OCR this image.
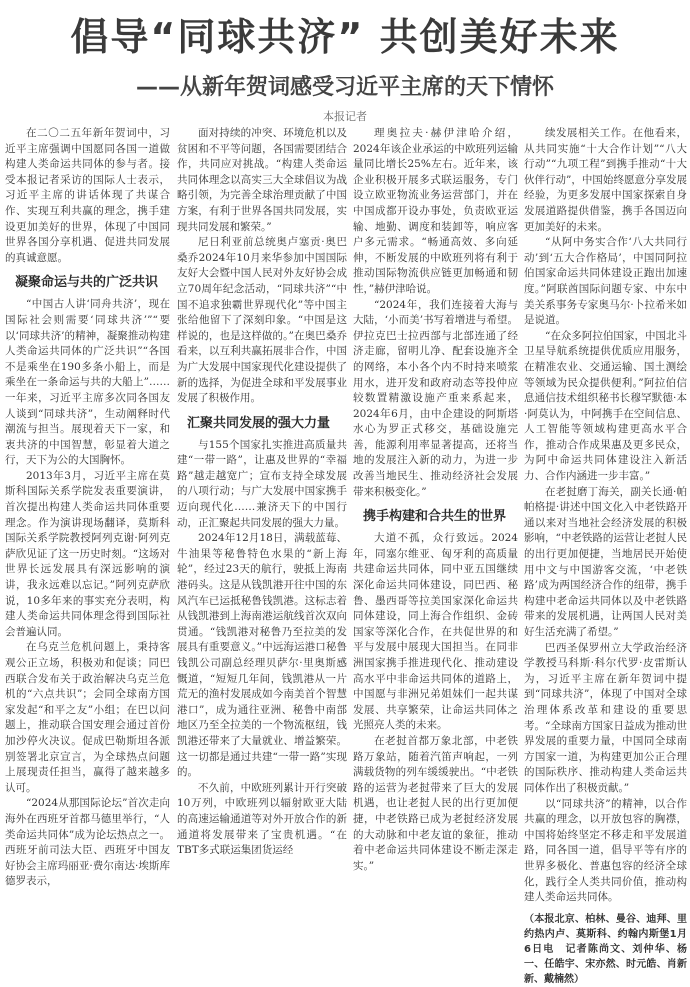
倡导“同球共济” 共创美好未来
——从新年贺词感受习近平主席的天下情怀
本报记者

在二〇二五年新年贺词中，习近平主席强调中国愿同各国一道做构建人类命运共同体的参与者。接受本报记者采访的国际人士表示，习近平主席的讲话体现了共谋合作、实现互利共赢的理念，携手建设更加美好的世界，体现了中国同世界各国分享机遇、促进共同发展的真诚意愿。

凝聚命运与共的广泛共识

“中国古人讲‘同舟共济’，现在国际社会则需要‘同球共济’”“要以‘同球共济’的精神，凝聚推动构建人类命运共同体的广泛共识”“各国不是乘坐在190多条小船上，而是乘坐在一条命运与共的大船上”……一年来，习近平主席多次同各国友人谈到“同球共济”，生动阐释时代潮流与担当。展现着天下一家，和衷共济的中国智慧，彰显着大道之行，天下为公的大国胸怀。

2013年3月，习近平主席在莫斯科国际关系学院发表重要演讲，首次提出构建人类命运共同体重要理念。作为演讲现场翻译，莫斯科国际关系学院教授阿列克谢·阿列克萨欣见证了这一历史时刻。“这场对世界长远发展具有深远影响的演讲，我永远难以忘记。”阿列克萨欣说，10多年来的事实充分表明，构建人类命运共同体理念得到国际社会普遍认同。

在乌克兰危机问题上，秉持客观公正立场，积极劝和促谈；同巴西联合发布关于政治解决乌克兰危机的“六点共识”；会同全球南方国家发起“和平之友”小组；在巴以问题上，推动联合国安理会通过首份加沙停火决议。促成巴勒斯坦各派别签署北京宣言，为全球热点问题上展现责任担当，赢得了越来越多认可。

“2024从那国际论坛”首次走向海外在西班牙首都马德里举行，“人类命运共同体”成为论坛热点之一。西班牙前司法大臣、西班牙中国友好协会主席玛丽亚·费尔南达·埃斯库德罗表示，

面对持续的冲突、环境危机以及贫困和不平等问题，各国需要团结合作，共同应对挑战。“构建人类命运共同体理念以高实三大全球倡议为战略引领，为完善全球治理贡献了中国方案，有利于世界各国共同发展，实现共同发展和繁荣。”

尼日利亚前总统奥卢塞贡·奥巴桑乔2024年10月来华参加中国国际友好大会暨中国人民对外友好协会成立70周年纪念活动，“同球共济”“中国不追求独霸世界现代化”等中国主张给他留下了深刻印象。“中国是这样说的，也是这样做的。”在奥巴桑乔看来，以互利共赢拓展非合作，中国为广大发展中国家现代化建设提供了新的选择，为促进全球和平发展事业发展了积极作用。

汇聚共同发展的强大力量

与155个国家扎实推进高质量共建“一带一路”，让惠及世界的“幸福路”越走越宽广；宣布支持全球发展的八项行动；与广大发展中国家携手迈向现代化……兼济天下的中国行动，正汇聚起共同发展的强大力量。

2024年12月18日，满载蓝莓、牛油果等秘鲁特色水果的“新上海轮”，经过23天的航行，驶抵上海南港码头。这是从钱凯港开往中国的东风汽车已运抵秘鲁钱凯港。这标志着从钱凯港到上海南港运航线首次双向贯通。“钱凯港对秘鲁乃至拉美的发展具有重要意义。”中远海运港口秘鲁钱凯公司副总经理贝萨尔·里奥斯感慨道，“短短几年间，钱凯港从一片荒无的渔村发展成如今南美首个智慧港口”，成为通往亚洲、秘鲁中南部地区乃至全拉美的一个物流枢纽，钱凯港还带来了大量就业、增益繁荣。这一切都是通过共建“一带一路”实现的。

不久前，中欧班列累计开行突破10万列，中欧班列以辐射欧亚大陆的高速运输通道等对外开放合作的新通道将发展带来了宝贵机遇。“在TBT多式联运集团货运经

理奥拉夫·赫伊津哈介绍，2024年该企业承运的中欧班列运输量同比增长25%左右。近年来，该企业积极开展多式联运服务，专门设立欧亚物流业务运营部门，并在中国成都开设办事处，负责欧亚运输、地勤、调度和装卸等，响应客户多元需求。“畅通高效、多向延伸，不断发展的中欧班列将有利于推动国际物流供应链更加畅通和韧性，”赫伊津哈说。

“2024年，我们连接着大海与大陆，‘小而美’书写着增进与希望。伊拉克巴士拉西部与北部连通了经济走廊，留明儿净、配套设施齐全的网络，本小各个内不时持来喷浆用水，进开发和政府动态等投仲应较数置精激设施产重来系起来，2024年6月，由中企建设的阿斯塔水心为罗正式移交，基础设施完善，能源利用率显著提高，还将当地的发展注入新的动力，为进一步改善当地民生、推动经济社会发展带来积极变化。”

携手构建和合共生的世界

大道不孤，众行致远。2024年，同塞尔维亚、匈牙利的高质量共建命运共同体，同中亚五国继续深化命运共同体建设，同巴西、秘鲁、墨西哥等拉美国家深化命运共同体建设，同上海合作组织、金砖国家等深化合作，在共促世界的和平与发展中展现大国担当。在同非洲国家携手推进现代化、推动建设高水平中非命运共同体的道路上，中国愿与非洲兄弟姐妹们一起共谋发展、共享繁荣，让命运共同体之光照亮人类的未来。

在老挝首都万象北部，中老铁路万象站，随着汽笛声响起，一列满载货物的列车缓缓驶出。“中老铁路的运营为老挝带来了巨大的发展机遇，也让老挝人民的出行更加便捷，中老铁路已成为老挝经济发展的大动脉和中老友谊的象征，推动着中老命运共同体建设不断走深走实。”

续发展相关工作。在他看来，从共同实施“十大合作计划”“八大行动”“九项工程”到携手推动“十大伙伴行动”，中国始终愿意分享发展经验，为更多发展中国家探索自身发展道路提供借鉴，携手各国迈向更加美好的未来。

“从阿中务实合作‘八大共同行动’到‘五大合作格局’，中国同阿拉伯国家命运共同体建设正跑出加速度。”阿联酋国际问题专家、中东中美关系事务专家奥马尔·卜拉希米如是说道。

“在众多阿拉伯国家，中国北斗卫星导航系统提供优质应用服务，在精准农业、交通运输、国土测绘等领域为民众提供便利。”阿拉伯信息通信技术组织秘书长穆罕默德·本·阿莫认为，中阿携手在空间信息、人工智能等领域构建更高水平合作，推动合作成果惠及更多民众，为阿中命运共同体建设注入新活力、合作内涵进一步丰富。”

在老挝磨丁海关，副关长通·帕帕格提·讲述中国文化入中老铁路开通以来对当地社会经济发展的积极影响，“中老铁路的运营让老挝人民的出行更加便捷，当地居民开始使用中文与中国游客交流，‘中老铁路’成为两国经济合作的纽带，携手构建中老命运共同体以及中老铁路带来的发展机遇，让两国人民对美好生活充满了希望。”

巴西圣保罗州立大学政治经济学教授马科斯·科尔代罗·皮雷斯认为，习近平主席在新年贺词中提到“同球共济”，体现了中国对全球治理体系改革和建设的重要思考。“全球南方国家日益成为推动世界发展的重要力量，中国同全球南方国家一道，为构建更加公正合理的国际秩序、推动构建人类命运共同体作出了积极贡献。”

以“同球共济”的精神，以合作共赢的理念，以开放包容的胸襟，中国将始终坚定不移走和平发展道路，同各国一道，倡导平等有序的世界多极化、普惠包容的经济全球化，践行全人类共同价值，推动构建人类命运共同体。

（本报北京、柏林、曼谷、迪拜、里约热内卢、莫斯科、约翰内斯堡1月6日电　记者陈尚文、刘仲华、杨一、任皓宇、宋亦然、时元皓、肖新新、戴楠然）
